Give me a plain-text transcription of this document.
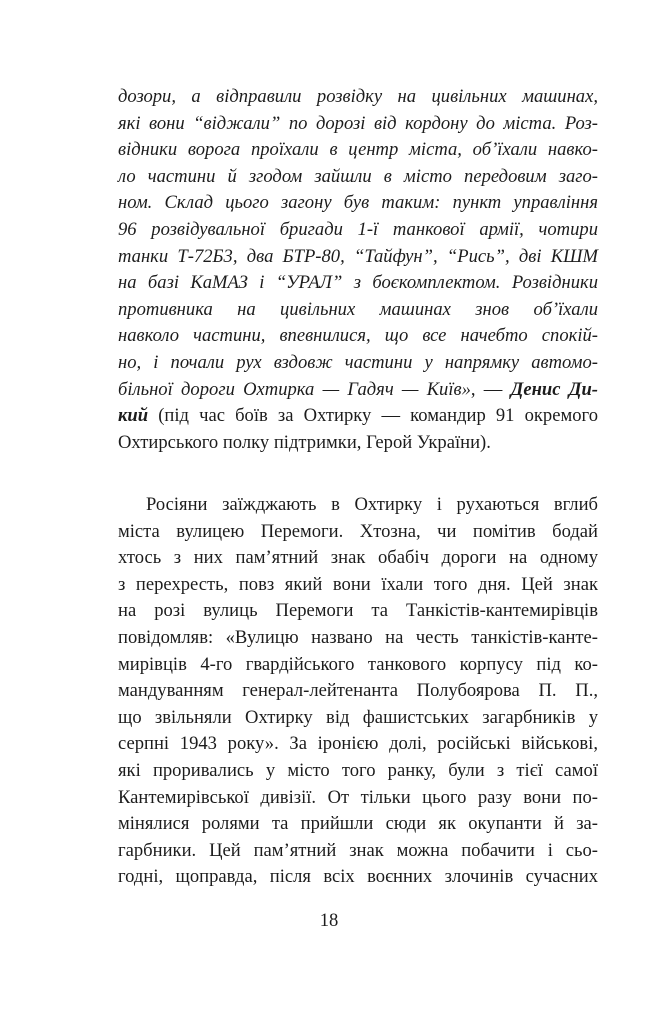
дозори, а відправили розвідку на цивільних машинах,
які вони “віджали” по дорозі від кордону до міста. Роз-
відники ворога проїхали в центр міста, об’їхали навко-
ло частини й згодом зайшли в місто передовим заго-
ном. Склад цього загону був таким: пункт управління
96 розвідувальної бригади 1-ї танкової армії, чотири
танки Т-72Б3, два БТР-80, “Тайфун”, “Рись”, дві КШМ
на базі КаМАЗ і “УРАЛ” з боєкомплектом. Розвідники
противника на цивільних машинах знов об’їхали
навколо частини, впевнилися, що все начебто спокій-
но, і почали рух вздовж частини у напрямку автомо-
більної дороги Охтирка — Гадяч — Київ», — Денис Ди-
кий (під час боїв за Охтирку — командир 91 окремого
Охтирського полку підтримки, Герой України).
Росіяни заїжджають в Охтирку і рухаються вглиб
міста вулицею Перемоги. Хтозна, чи помітив бодай
хтось з них пам’ятний знак обабіч дороги на одному
з перехресть, повз який вони їхали того дня. Цей знак
на розі вулиць Перемоги та Танкістів-кантемирівців
повідомляв: «Вулицю названо на честь танкістів-канте-
мирівців 4-го гвардійського танкового корпусу під ко-
мандуванням генерал-лейтенанта Полубоярова П. П.,
що звільняли Охтирку від фашистських загарбників у
серпні 1943 року». За іронією долі, російські військові,
які проривались у місто того ранку, були з тієї самої
Кантемирівської дивізії. От тільки цього разу вони по-
мінялися ролями та прийшли сюди як окупанти й за-
гарбники. Цей пам’ятний знак можна побачити і сьо-
годні, щоправда, після всіх воєнних злочинів сучасних
18
